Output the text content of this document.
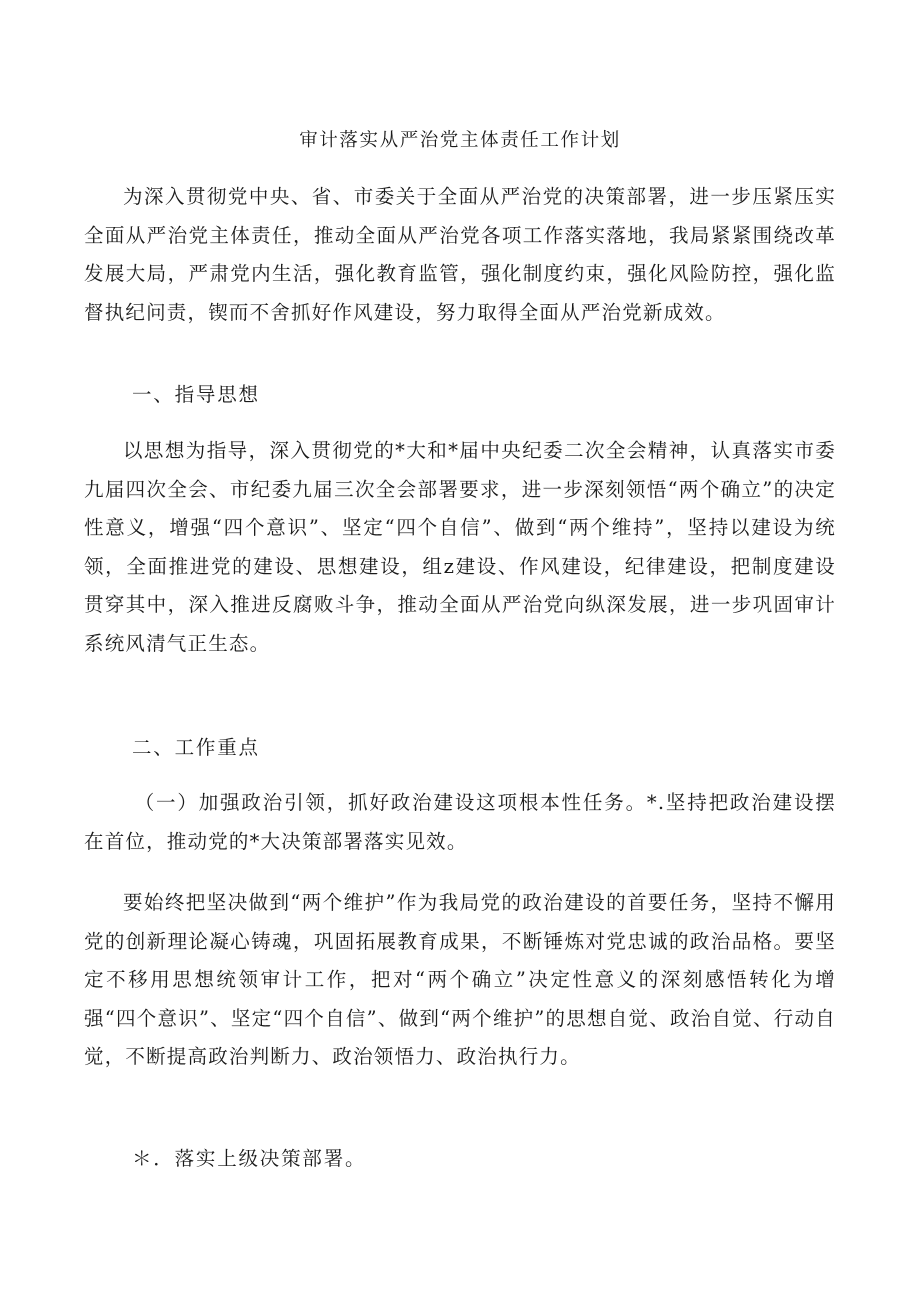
审计落实从严治党主体责任工作计划

为深入贯彻党中央、省、市委关于全面从严治党的决策部署，进一步压紧压实全面从严治党主体责任，推动全面从严治党各项工作落实落地，我局紧紧围绕改革发展大局，严肃党内生活，强化教育监管，强化制度约束，强化风险防控，强化监督执纪问责，锲而不舍抓好作风建设，努力取得全面从严治党新成效。

一、指导思想

以思想为指导，深入贯彻党的*大和*届中央纪委二次全会精神，认真落实市委九届四次全会、市纪委九届三次全会部署要求，进一步深刻领悟“两个确立”的决定性意义，增强“四个意识”、坚定“四个自信”、做到“两个维持”，坚持以建设为统领，全面推进党的建设、思想建设，组z建设、作风建设，纪律建设，把制度建设贯穿其中，深入推进反腐败斗争，推动全面从严治党向纵深发展，进一步巩固审计系统风清气正生态。

二、工作重点

（一）加强政治引领，抓好政治建设这项根本性任务。*.坚持把政治建设摆在首位，推动党的*大决策部署落实见效。

要始终把坚决做到“两个维护”作为我局党的政治建设的首要任务，坚持不懈用党的创新理论凝心铸魂，巩固拓展教育成果，不断锤炼对党忠诚的政治品格。要坚定不移用思想统领审计工作，把对“两个确立”决定性意义的深刻感悟转化为增强“四个意识”、坚定“四个自信”、做到“两个维护”的思想自觉、政治自觉、行动自觉，不断提高政治判断力、政治领悟力、政治执行力。

＊．落实上级决策部署。
